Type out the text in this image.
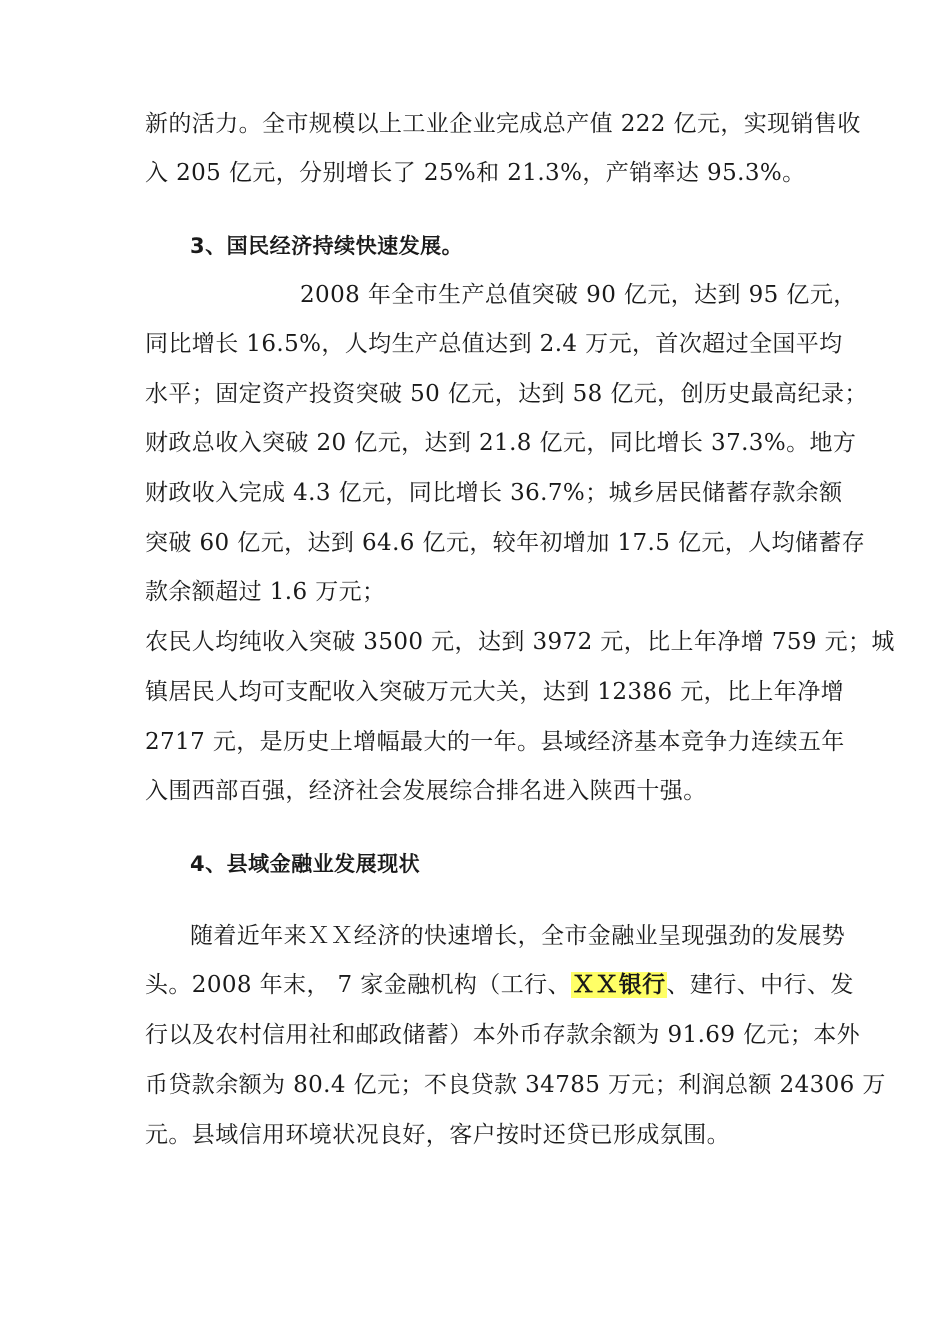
新的活力。全市规模以上工业企业完成总产值 222 亿元，实现销售收
入 205 亿元，分别增长了 25%和 21.3%，产销率达 95.3%。
3、国民经济持续快速发展。
2008 年全市生产总值突破 90 亿元，达到 95 亿元，
同比增长 16.5%，人均生产总值达到 2.4 万元，首次超过全国平均
水平；固定资产投资突破 50 亿元，达到 58 亿元，创历史最高纪录；
财政总收入突破 20 亿元，达到 21.8 亿元，同比增长 37.3%。地方
财政收入完成 4.3 亿元，同比增长 36.7%；城乡居民储蓄存款余额
突破 60 亿元，达到 64.6 亿元，较年初增加 17.5 亿元，人均储蓄存
款余额超过 1.6 万元；
农民人均纯收入突破 3500 元，达到 3972 元，比上年净增 759 元；城
镇居民人均可支配收入突破万元大关，达到 12386 元，比上年净增
2717 元，是历史上增幅最大的一年。县域经济基本竞争力连续五年
入围西部百强，经济社会发展综合排名进入陕西十强。
4、县域金融业发展现状
随着近年来ＸＸ经济的快速增长，全市金融业呈现强劲的发展势
头。2008 年末， 7 家金融机构（工行、ＸＸ银行、建行、中行、发
行以及农村信用社和邮政储蓄）本外币存款余额为 91.69 亿元；本外
币贷款余额为 80.4 亿元；不良贷款 34785 万元；利润总额 24306 万
元。县域信用环境状况良好，客户按时还贷已形成氛围。
